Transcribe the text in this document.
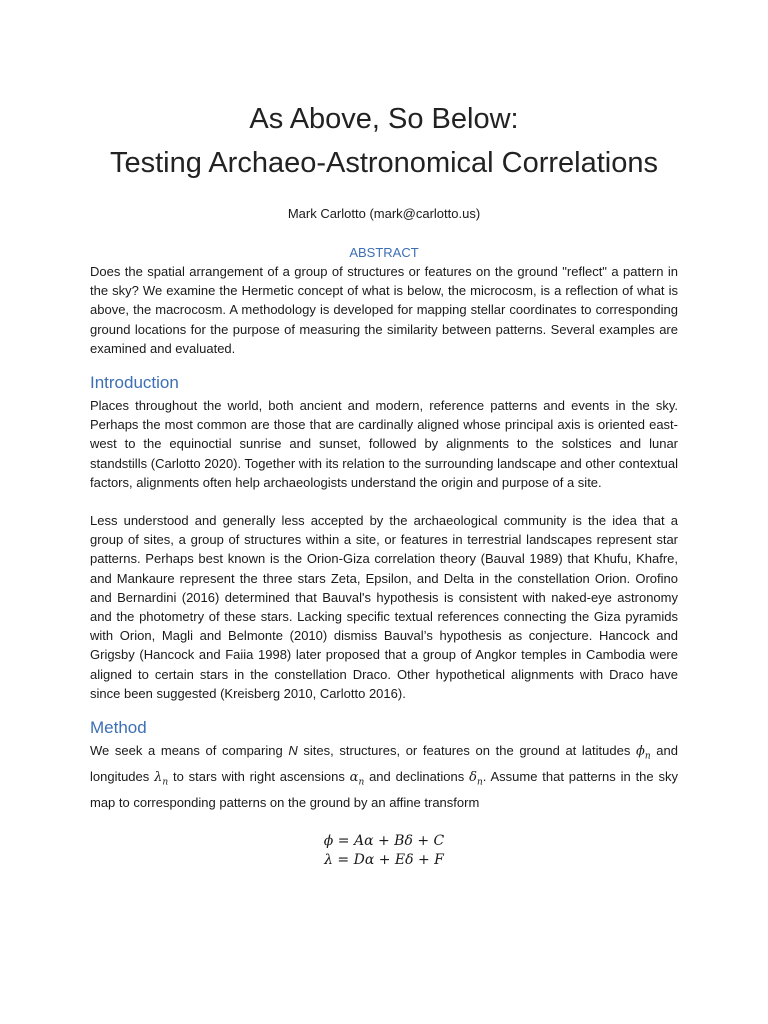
As Above, So Below:
Testing Archaeo-Astronomical Correlations
Mark Carlotto (mark@carlotto.us)
ABSTRACT

Does the spatial arrangement of a group of structures or features on the ground "reflect" a pattern in the sky? We examine the Hermetic concept of what is below, the microcosm, is a reflection of what is above, the macrocosm. A methodology is developed for mapping stellar coordinates to corresponding ground locations for the purpose of measuring the similarity between patterns. Several examples are examined and evaluated.

Introduction

Places throughout the world, both ancient and modern, reference patterns and events in the sky. Perhaps the most common are those that are cardinally aligned whose principal axis is oriented east-west to the equinoctial sunrise and sunset, followed by alignments to the solstices and lunar standstills (Carlotto 2020). Together with its relation to the surrounding landscape and other contextual factors, alignments often help archaeologists understand the origin and purpose of a site.

Less understood and generally less accepted by the archaeological community is the idea that a group of sites, a group of structures within a site, or features in terrestrial landscapes represent star patterns. Perhaps best known is the Orion-Giza correlation theory (Bauval 1989) that Khufu, Khafre, and Mankaure represent the three stars Zeta, Epsilon, and Delta in the constellation Orion. Orofino and Bernardini (2016) determined that Bauval's hypothesis is consistent with naked-eye astronomy and the photometry of these stars. Lacking specific textual references connecting the Giza pyramids with Orion, Magli and Belmonte (2010) dismiss Bauval’s hypothesis as conjecture. Hancock and Grigsby (Hancock and Faiia 1998) later proposed that a group of Angkor temples in Cambodia were aligned to certain stars in the constellation Draco. Other hypothetical alignments with Draco have since been suggested (Kreisberg 2010, Carlotto 2016).

Method

We seek a means of comparing N sites, structures, or features on the ground at latitudes $\phi_n$ and longitudes $\lambda_n$ to stars with right ascensions $\alpha_n$ and declinations $\delta_n$. Assume that patterns in the sky map to corresponding patterns on the ground by an affine transform

ϕ = Aα + Bδ + C
λ = Dα + Eδ + F
